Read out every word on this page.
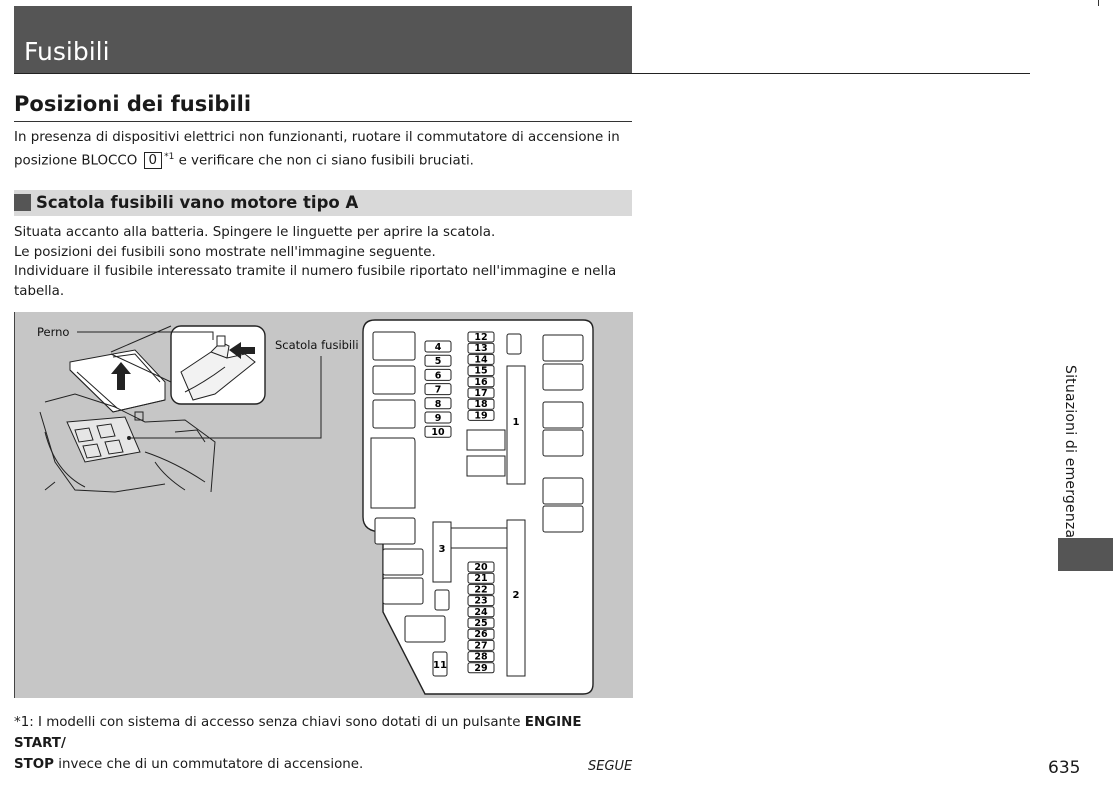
Fusibili
Posizioni dei fusibili
In presenza di dispositivi elettrici non funzionanti, ruotare il commutatore di accensione in
posizione BLOCCO 0 $^{*1}$ e verificare che non ci siano fusibili bruciati.
Scatola fusibili vano motore tipo A
Situata accanto alla batteria. Spingere le linguette per aprire la scatola.
Le posizioni dei fusibili sono mostrate nell'immagine seguente.
Individuare il fusibile interessato tramite il numero fusibile riportato nell'immagine e nella
tabella.
Perno
Scatola fusibili
1
2
3
11
4
5
6
7
8
9
10
12
13
14
15
16
17
18
19
20
21
22
23
24
25
26
27
28
29
*1: I modelli con sistema di accesso senza chiavi sono dotati di un pulsante ENGINE START/
STOP invece che di un commutatore di accensione.	SEGUE	635
Situazioni di emergenza
